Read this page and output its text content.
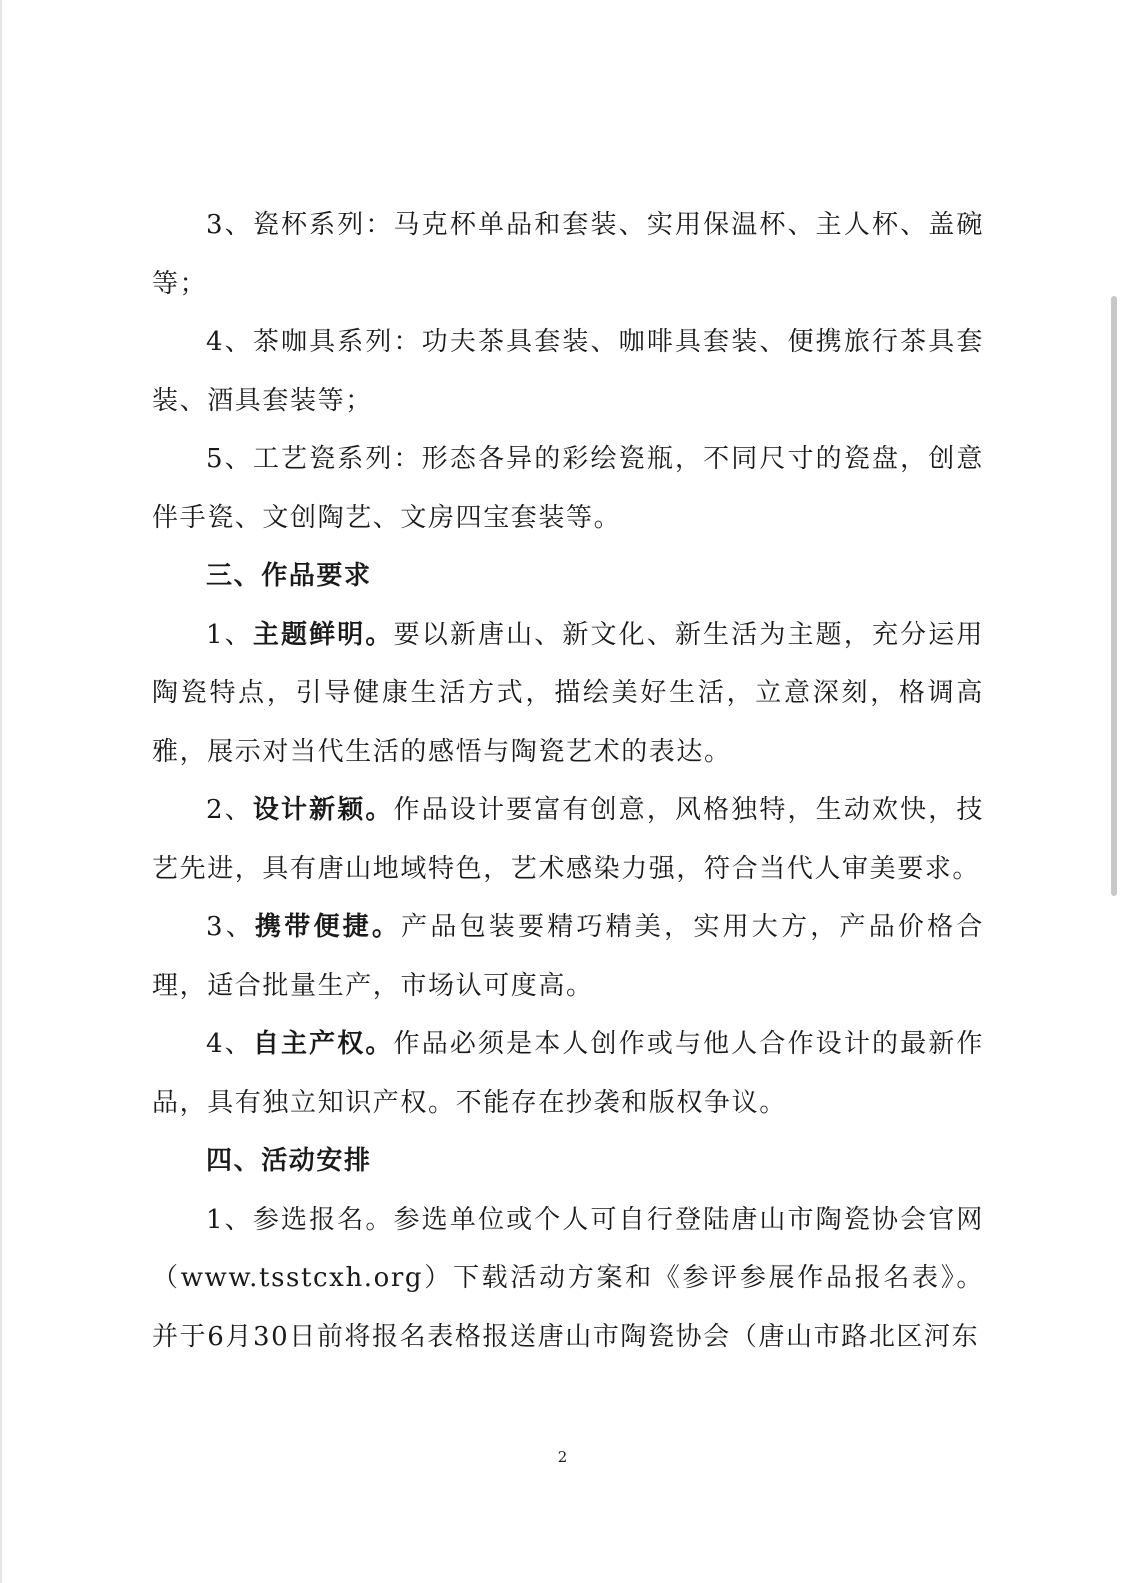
3、瓷杯系列：马克杯单品和套装、实用保温杯、主人杯、盖碗等；

4、茶咖具系列：功夫茶具套装、咖啡具套装、便携旅行茶具套装、酒具套装等；

5、工艺瓷系列：形态各异的彩绘瓷瓶，不同尺寸的瓷盘，创意伴手瓷、文创陶艺、文房四宝套装等。

三、作品要求

1、主题鲜明。要以新唐山、新文化、新生活为主题，充分运用陶瓷特点，引导健康生活方式，描绘美好生活，立意深刻，格调高雅，展示对当代生活的感悟与陶瓷艺术的表达。

2、设计新颖。作品设计要富有创意，风格独特，生动欢快，技艺先进，具有唐山地域特色，艺术感染力强，符合当代人审美要求。

3、携带便捷。产品包装要精巧精美，实用大方，产品价格合理，适合批量生产，市场认可度高。

4、自主产权。作品必须是本人创作或与他人合作设计的最新作品，具有独立知识产权。不能存在抄袭和版权争议。

四、活动安排

1、参选报名。参选单位或个人可自行登陆唐山市陶瓷协会官网（www.tsstcxh.org）下载活动方案和《参评参展作品报名表》。并于6月30日前将报名表格报送唐山市陶瓷协会（唐山市路北区河东

2
